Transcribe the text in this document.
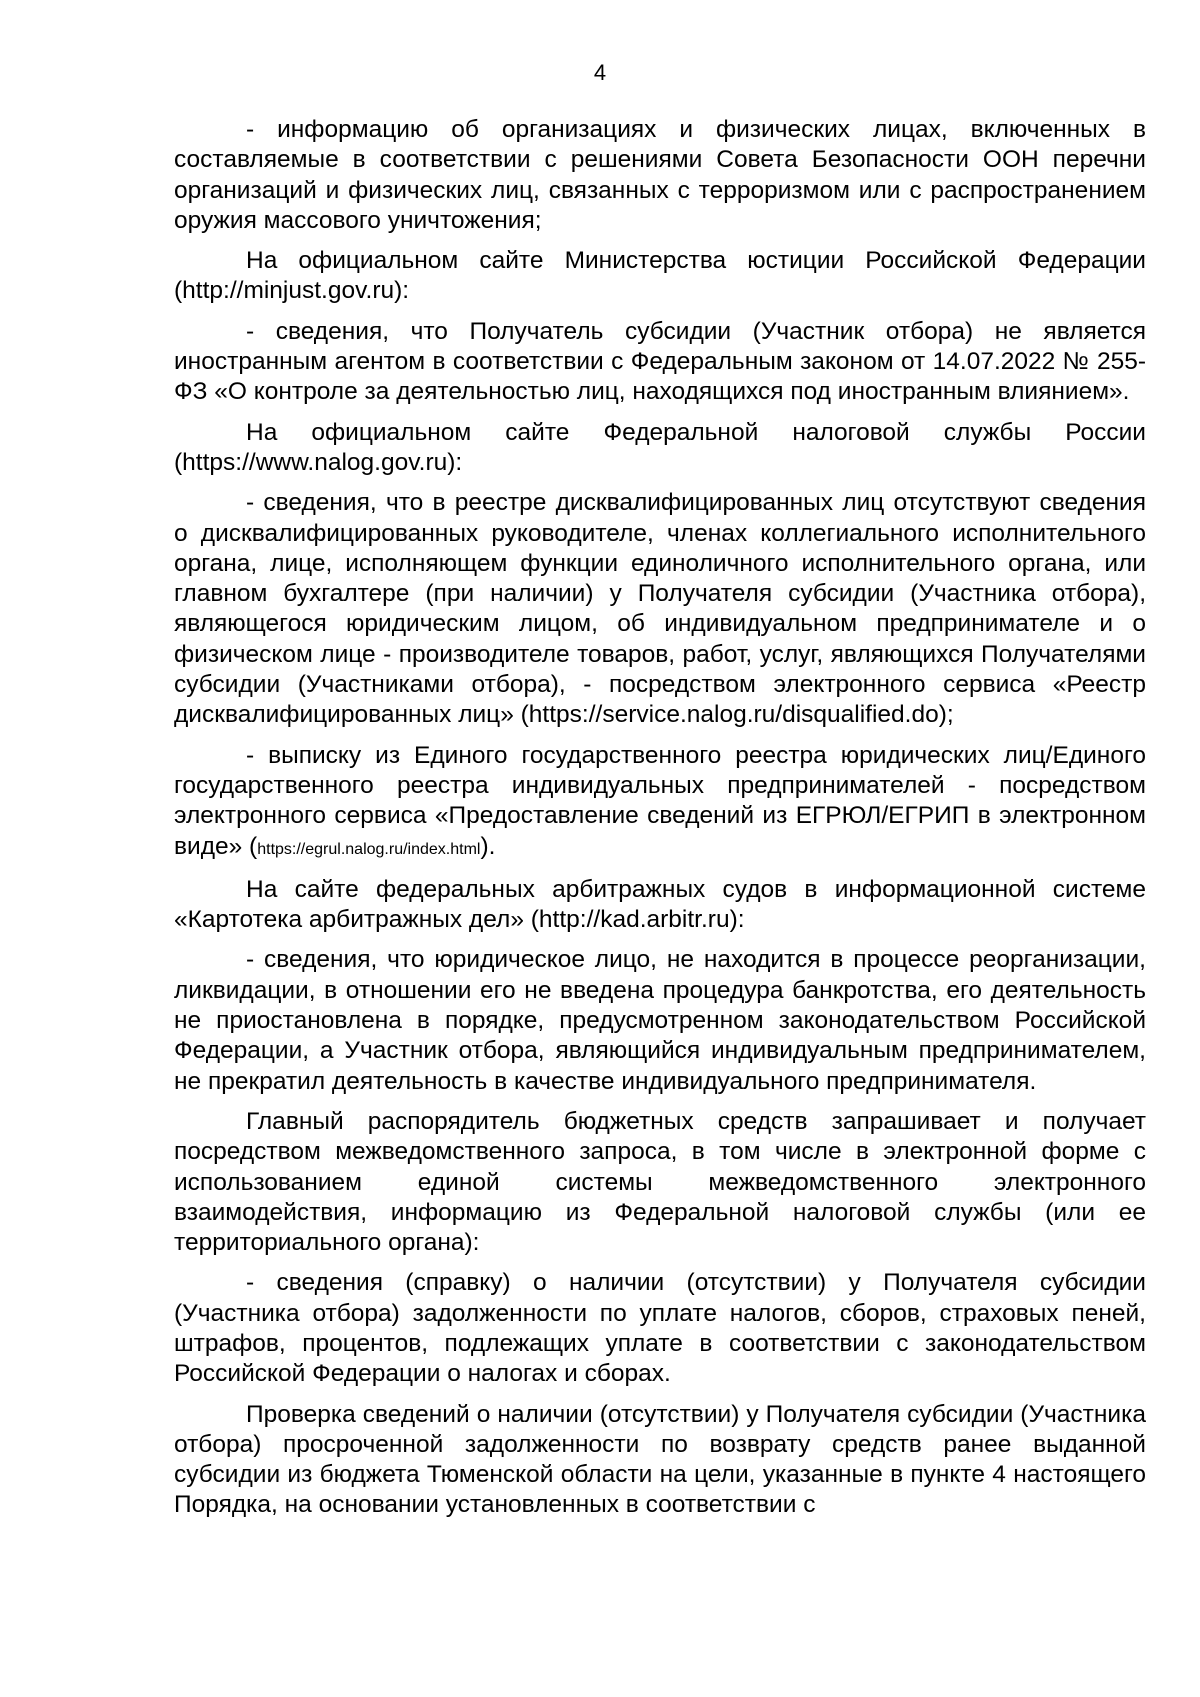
4

- информацию об организациях и физических лицах, включенных в составляемые в соответствии с решениями Совета Безопасности ООН перечни организаций и физических лиц, связанных с терроризмом или с распространением оружия массового уничтожения;

На официальном сайте Министерства юстиции Российской Федерации (http://minjust.gov.ru):

- сведения, что Получатель субсидии (Участник отбора) не является иностранным агентом в соответствии с Федеральным законом от 14.07.2022 № 255-ФЗ «О контроле за деятельностью лиц, находящихся под иностранным влиянием».

На официальном сайте Федеральной налоговой службы России (https://www.nalog.gov.ru):

- сведения, что в реестре дисквалифицированных лиц отсутствуют сведения о дисквалифицированных руководителе, членах коллегиального исполнительного органа, лице, исполняющем функции единоличного исполнительного органа, или главном бухгалтере (при наличии) у Получателя субсидии (Участника отбора), являющегося юридическим лицом, об индивидуальном предпринимателе и о физическом лице - производителе товаров, работ, услуг, являющихся Получателями субсидии (Участниками отбора), - посредством электронного сервиса «Реестр дисквалифицированных лиц» (https://service.nalog.ru/disqualified.do);

- выписку из Единого государственного реестра юридических лиц/Единого государственного реестра индивидуальных предпринимателей - посредством электронного сервиса «Предоставление сведений из ЕГРЮЛ/ЕГРИП в электронном виде» (https://egrul.nalog.ru/index.html).

На сайте федеральных арбитражных судов в информационной системе «Картотека арбитражных дел» (http://kad.arbitr.ru):

- сведения, что юридическое лицо, не находится в процессе реорганизации, ликвидации, в отношении его не введена процедура банкротства, его деятельность не приостановлена в порядке, предусмотренном законодательством Российской Федерации, а Участник отбора, являющийся индивидуальным предпринимателем, не прекратил деятельность в качестве индивидуального предпринимателя.

Главный распорядитель бюджетных средств запрашивает и получает посредством межведомственного запроса, в том числе в электронной форме с использованием единой системы межведомственного электронного взаимодействия, информацию из Федеральной налоговой службы (или ее территориального органа):

- сведения (справку) о наличии (отсутствии) у Получателя субсидии (Участника отбора) задолженности по уплате налогов, сборов, страховых пеней, штрафов, процентов, подлежащих уплате в соответствии с законодательством Российской Федерации о налогах и сборах.

Проверка сведений о наличии (отсутствии) у Получателя субсидии (Участника отбора) просроченной задолженности по возврату средств ранее выданной субсидии из бюджета Тюменской области на цели, указанные в пункте 4 настоящего Порядка, на основании установленных в соответствии с
